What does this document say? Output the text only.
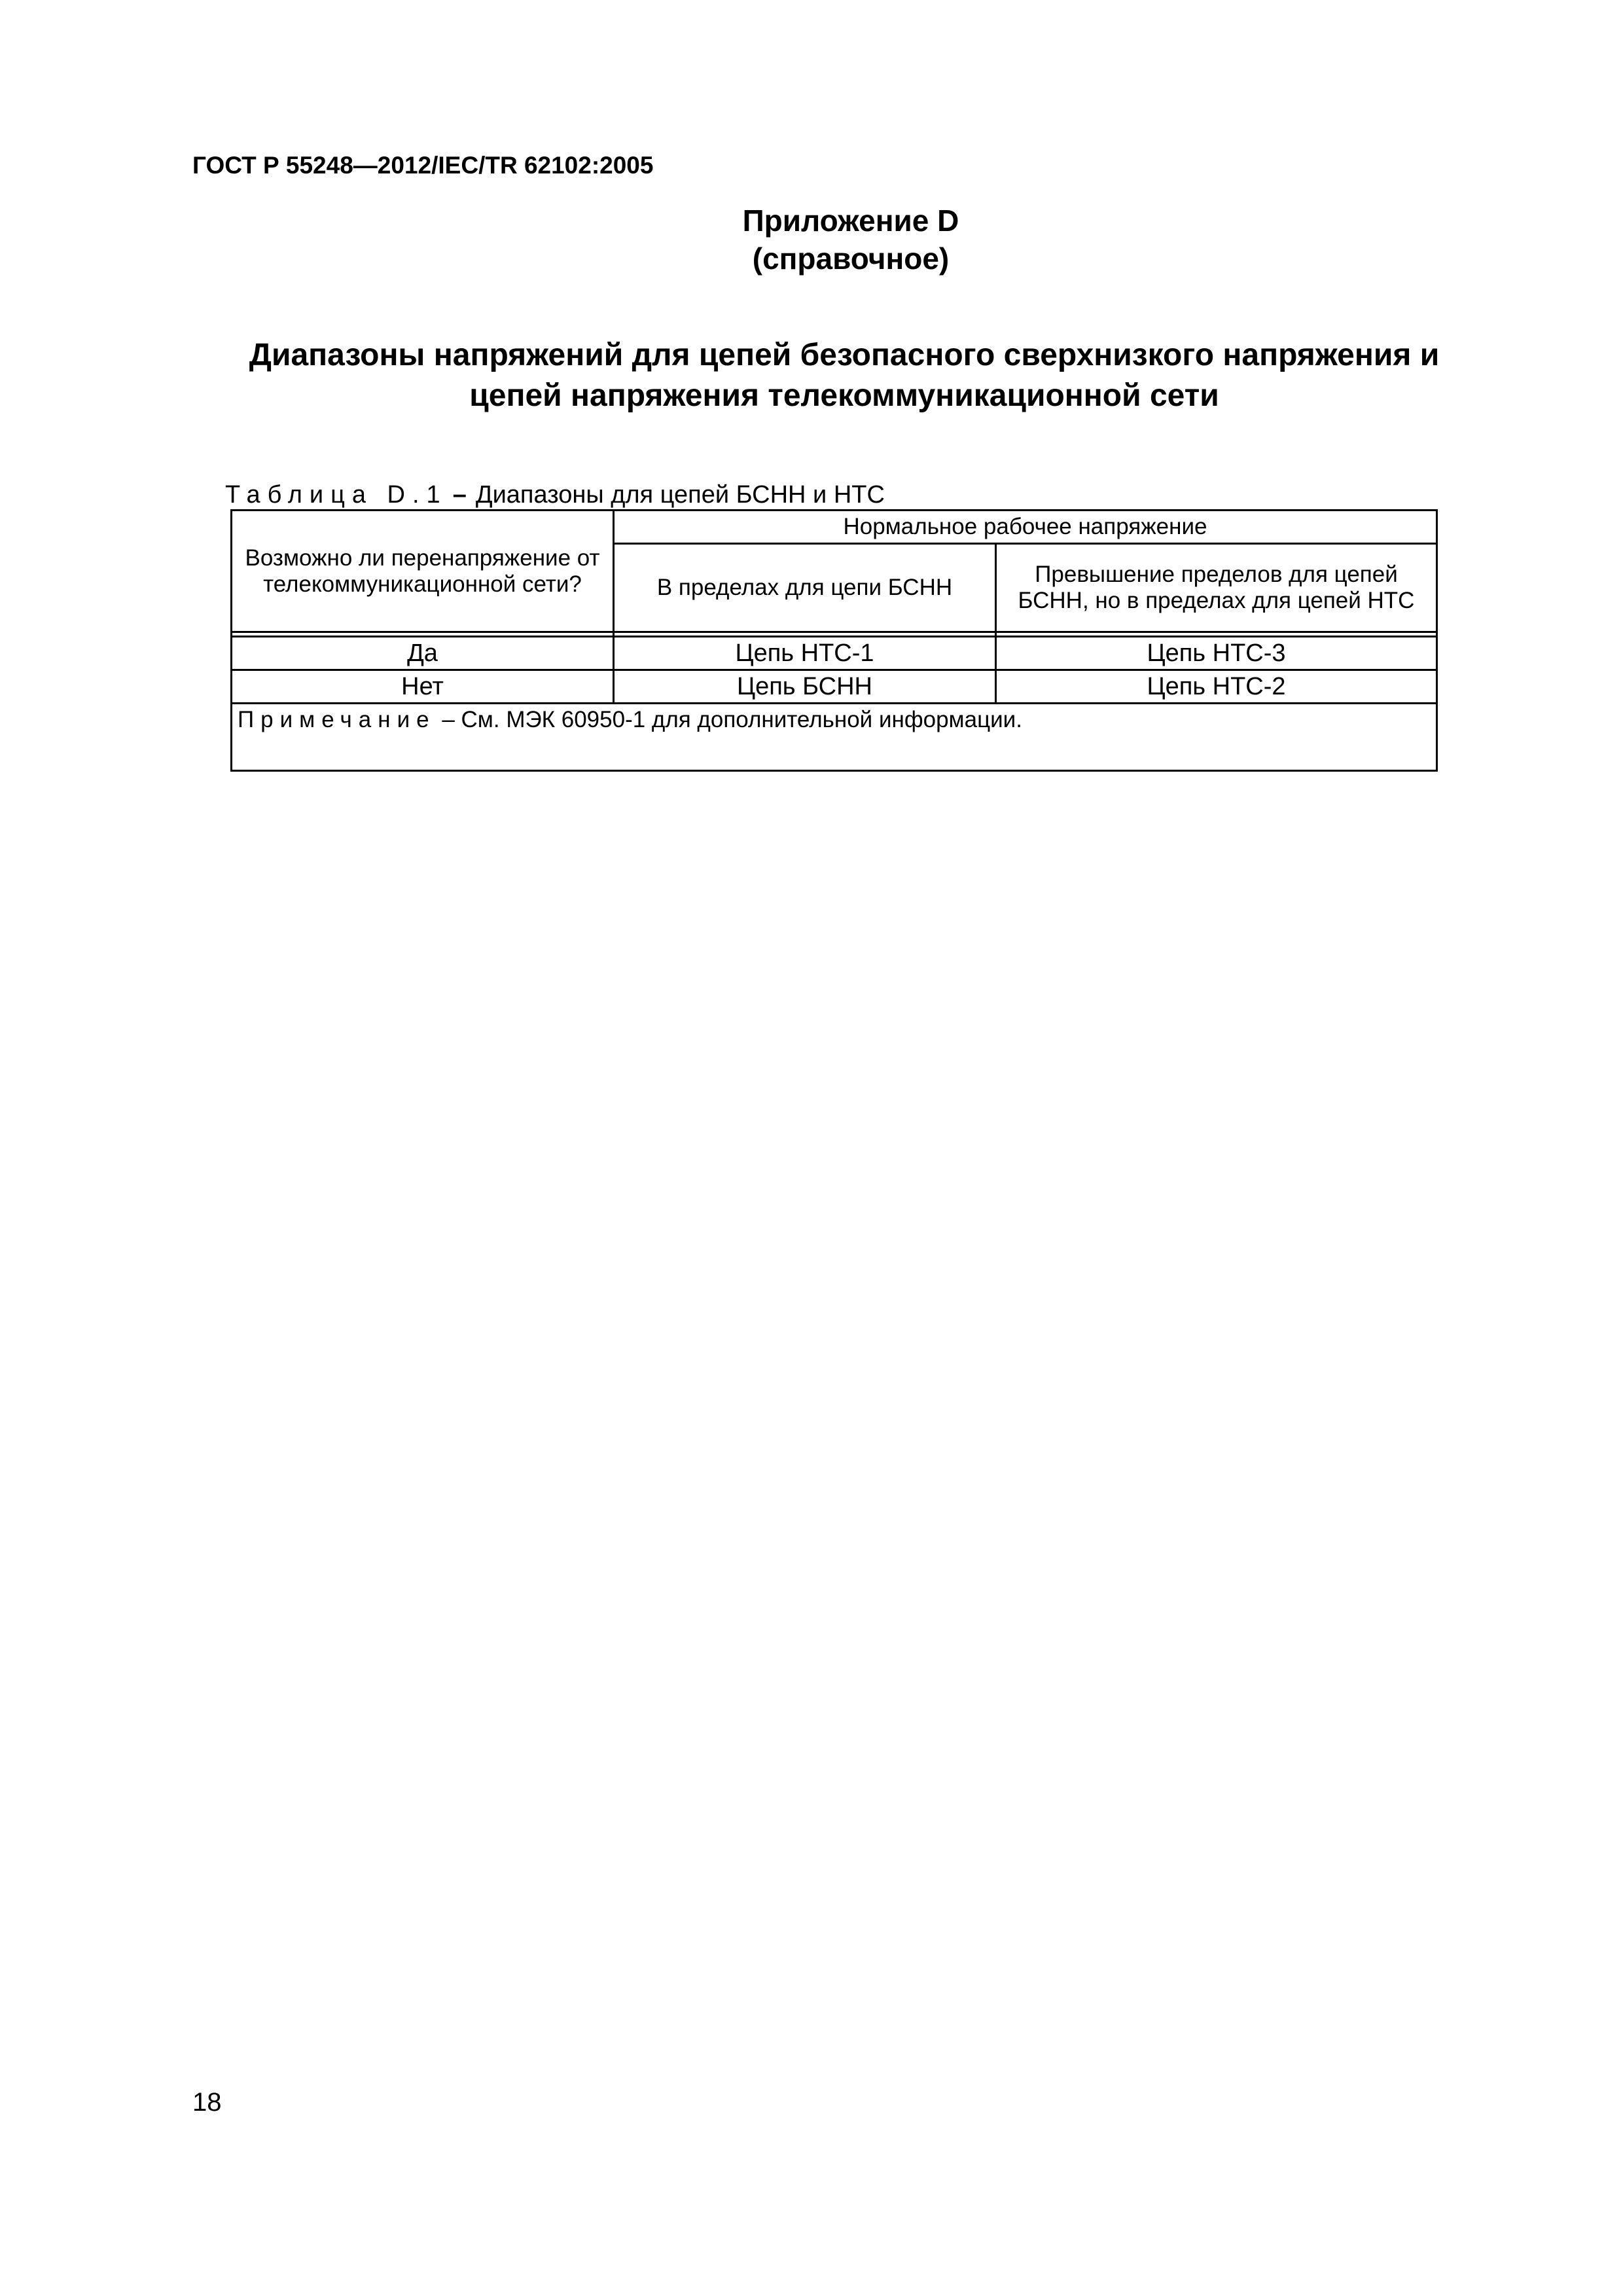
ГОСТ Р 55248—2012/IEC/TR 62102:2005
Приложение D
(справочное)
Диапазоны напряжений для цепей безопасного сверхнизкого напряжения и
цепей напряжения телекоммуникационной сети
Таблица D.1 – Диапазоны для цепей БСНН и НТС
Возможно ли перенапряжение от телекоммуникационной сети?	Нормальное рабочее напряжение	
	В пределах для цепи БСНН	Превышение пределов для цепей БСНН, но в пределах для цепей НТС

Да	Цепь НТС-1	Цепь НТС-3
Нет	Цепь БСНН	Цепь НТС-2
Примечание – См. МЭК 60950-1 для дополнительной информации.		
18
